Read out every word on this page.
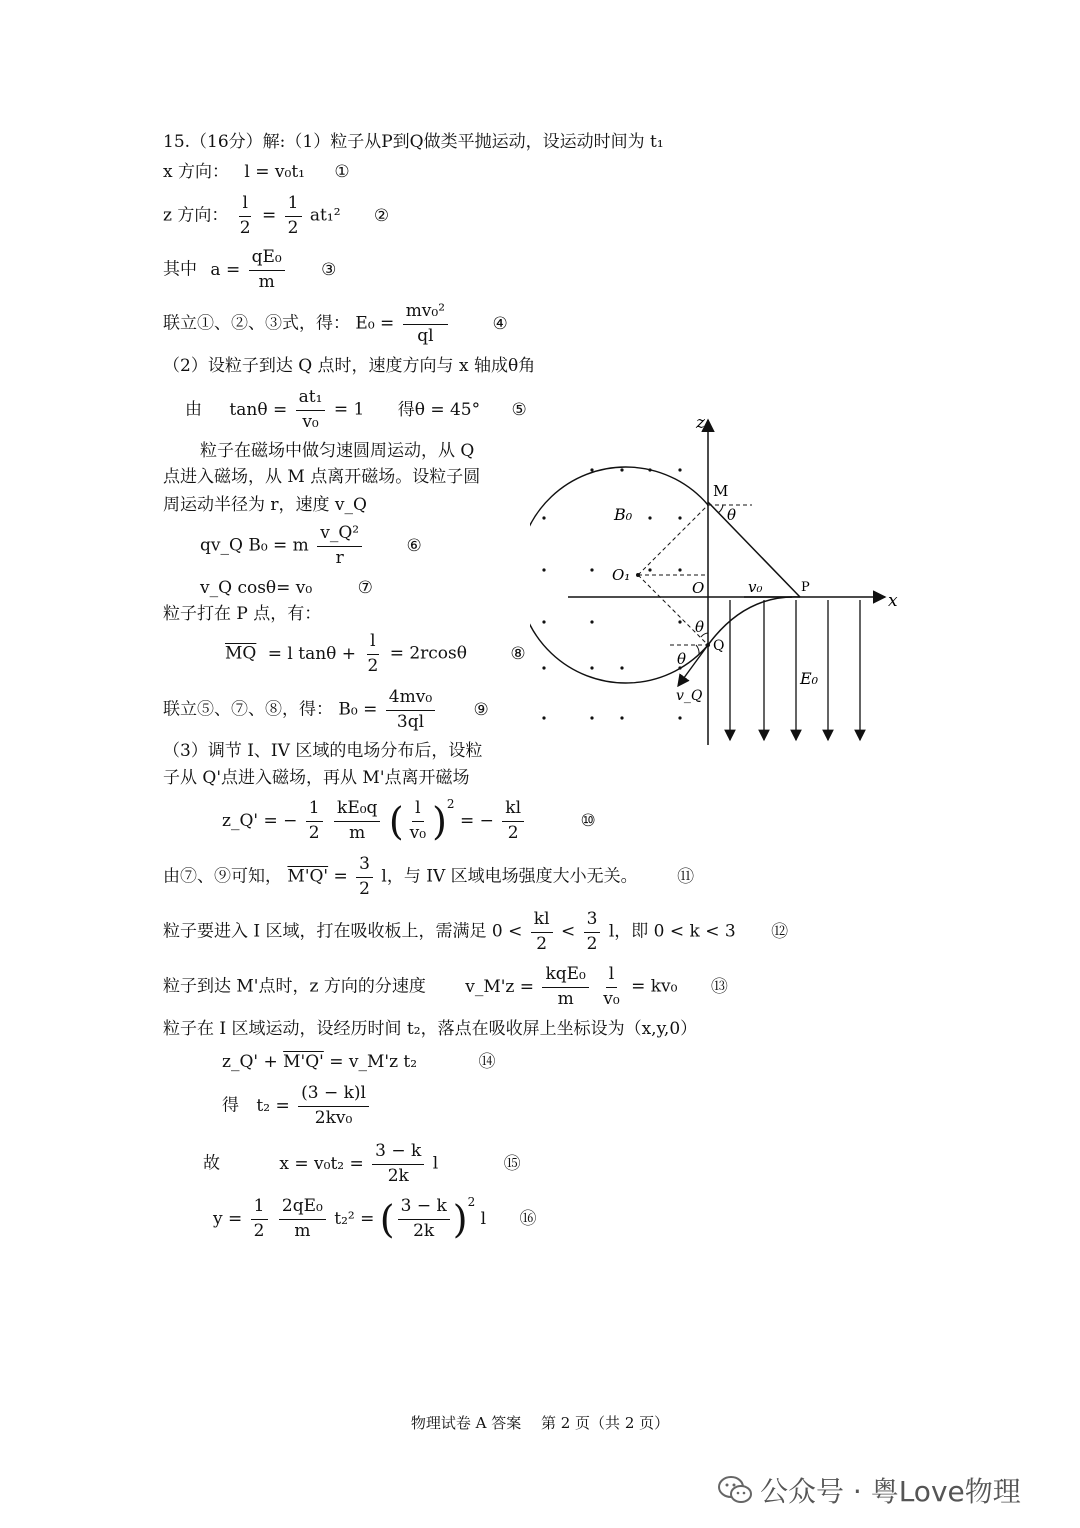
15.（16分）解:（1）粒子从P到Q做类平抛运动，设运动时间为 t₁
x 方向： l = v₀t₁ ①
z 方向： $\frac{l}{2} = \frac{1}{2} at_1^2$ ②
其中 $a = \frac{\text{qE₀}}{m}$ ③
联立①、②、③式，得： $E_0 = \frac{\text{mv₀²}}{ql}$	④
（2）设粒子到达 Q 点时，速度方向与 x 轴成θ角
由 $\tan\theta = \frac{\text{at₁}}{\text{v₀}} = 1$ 得θ = 45° ⑤
粒子在磁场中做匀速圆周运动，从 Q
点进入磁场，从 M 点离开磁场。设粒子圆
周运动半径为 r，速度 v_Q
qv_Q B₀ = m $\frac{\text{v\_Q²}}{r}$	⑥
v_Q cosθ= v₀	⑦
粒子打在 P 点，有：
$\overline{MQ} = l$ $\tan\theta + \frac{l}{2} = 2rcos\theta$	⑧
联立⑤、⑦、⑧，得： $B_0 = \frac{\text{4mv₀}}{3ql}$ ⑨
（3）调节 I、IV 区域的电场分布后，设粒
子从 Q'点进入磁场，再从 M'点离开磁场
z_Q' = − $\frac{1}{2}$
$\frac{\text{kE₀q}}{m}$ ( $\frac{l}{\text{v₀}} )^2$ = − $\frac{kl}{2}$	⑩
由⑦、⑨可知， $M'Q' = \frac{3}{2}$ l，与 IV 区域电场强度大小无关。 ⑪
粒子要进入 I 区域，打在吸收板上，需满足 $0 < \frac{kl}{2} < \frac{3}{2}$ l，即 0 < k < 3 ⑫
粒子到达 M'点时，z 方向的分速度 v_M'z = $\frac{\text{kqE₀}}{m}$
$\frac{l}{\text{v₀}} = kv_0$ ⑬
粒子在 I 区域运动，设经历时间 t₂，落点在吸收屏上坐标设为（x,y,0）
z_Q' + M'Q' = v_M'z t₂	⑭
得 $t_2 = \frac{(3 - k)l}{\text{2kv₀}}$
故	$x = v_0t_2 = \frac{3 - k}{2k}$ l	⑮
$y = \frac{1}{2}$
$\frac{\text{2qE₀}}{m} t_2^2$ = ( $\frac{3 - k}{2k} )^2$ l ⑯
z
x
M
θ
B₀
O₁
O	v₀	P
θ
Q
θ
v_Q
E₀
物理试卷 A 答案　 第 2 页（共 2 页）
公众号 · 粤Love物理
